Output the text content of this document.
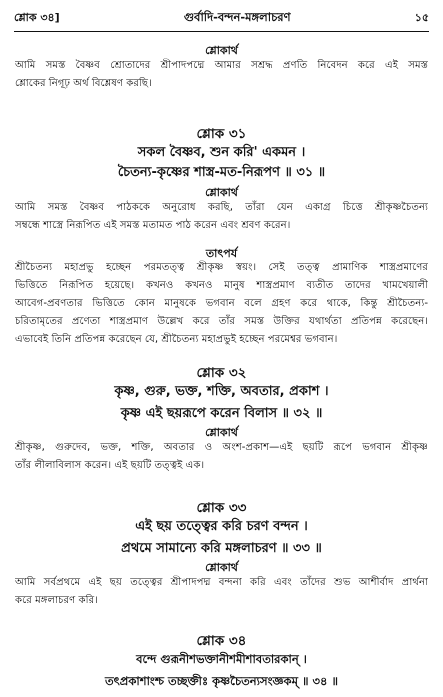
শ্লোক ৩৪]	গুর্বাদি-বন্দন-মঙ্গলাচরণ	১৫
শ্লোকার্থ
আমি সমস্ত বৈষ্ণব শ্রোতাদের শ্রীপাদপদ্মে আমার সশ্রদ্ধ প্রণতি নিবেদন করে এই সমস্ত
শ্লোকের নিগূঢ় অর্থ বিশ্লেষণ করছি।
শ্লোক ৩১
সকল বৈষ্ণব, শুন করি' একমন ।
চৈতন্য-কৃষ্ণের শাস্ত্র-মত-নিরূপণ ॥ ৩১ ॥
শ্লোকার্থ
আমি সমস্ত বৈষ্ণব পাঠককে অনুরোধ করছি, তাঁরা যেন একাগ্র চিত্তে শ্রীকৃষ্ণচৈতন্য
সম্বন্ধে শাস্ত্রে নিরূপিত এই সমস্ত মতামত পাঠ করেন এবং শ্রবণ করেন।
তাৎপর্য
শ্রীচৈতন্য মহাপ্রভু হচ্ছেন পরমতত্ত্ব শ্রীকৃষ্ণ স্বয়ং। সেই তত্ত্ব প্রামাণিক শাস্ত্রপ্রমাণের
ভিত্তিতে নিরূপিত হয়েছে। কখনও কখনও মানুষ শাস্ত্রপ্রমাণ ব্যতীত তাদের খামখেয়ালী
আবেগ-প্রবণতার ভিত্তিতে কোন মানুষকে ভগবান বলে গ্রহণ করে থাকে, কিন্তু শ্রীচৈতন্য-
চরিতামৃতের প্রণেতা শাস্ত্রপ্রমাণ উল্লেখ করে তাঁর সমস্ত উক্তির যথার্থতা প্রতিপন্ন করেছেন।
এভাবেই তিনি প্রতিপন্ন করেছেন যে, শ্রীচৈতন্য মহাপ্রভুই হচ্ছেন পরমেশ্বর ভগবান।
শ্লোক ৩২
কৃষ্ণ, গুরু, ভক্ত, শক্তি, অবতার, প্রকাশ ।
কৃষ্ণ এই ছয়রূপে করেন বিলাস ॥ ৩২ ॥
শ্লোকার্থ
শ্রীকৃষ্ণ, গুরুদেব, ভক্ত, শক্তি, অবতার ও অংশ-প্রকাশ—এই ছয়টি রূপে ভগবান শ্রীকৃষ্ণ
তাঁর লীলাবিলাস করেন। এই ছয়টি তত্ত্বই এক।
শ্লোক ৩৩
এই ছয় তত্ত্বের করি চরণ বন্দন ।
প্রথমে সামান্যে করি মঙ্গলাচরণ ॥ ৩৩ ॥
শ্লোকার্থ
আমি সর্বপ্রথমে এই ছয় তত্ত্বের শ্রীপাদপদ্ম বন্দনা করি এবং তাঁদের শুভ আশীর্বাদ প্রার্থনা
করে মঙ্গলাচরণ করি।
শ্লোক ৩৪
বন্দে গুরূনীশভক্তানীশমীশাবতারকান্ ।
তৎপ্রকাশাংশ্চ তচ্ছক্তীঃ কৃষ্ণচৈতন্যসংজ্ঞকম্ ॥ ৩৪ ॥
